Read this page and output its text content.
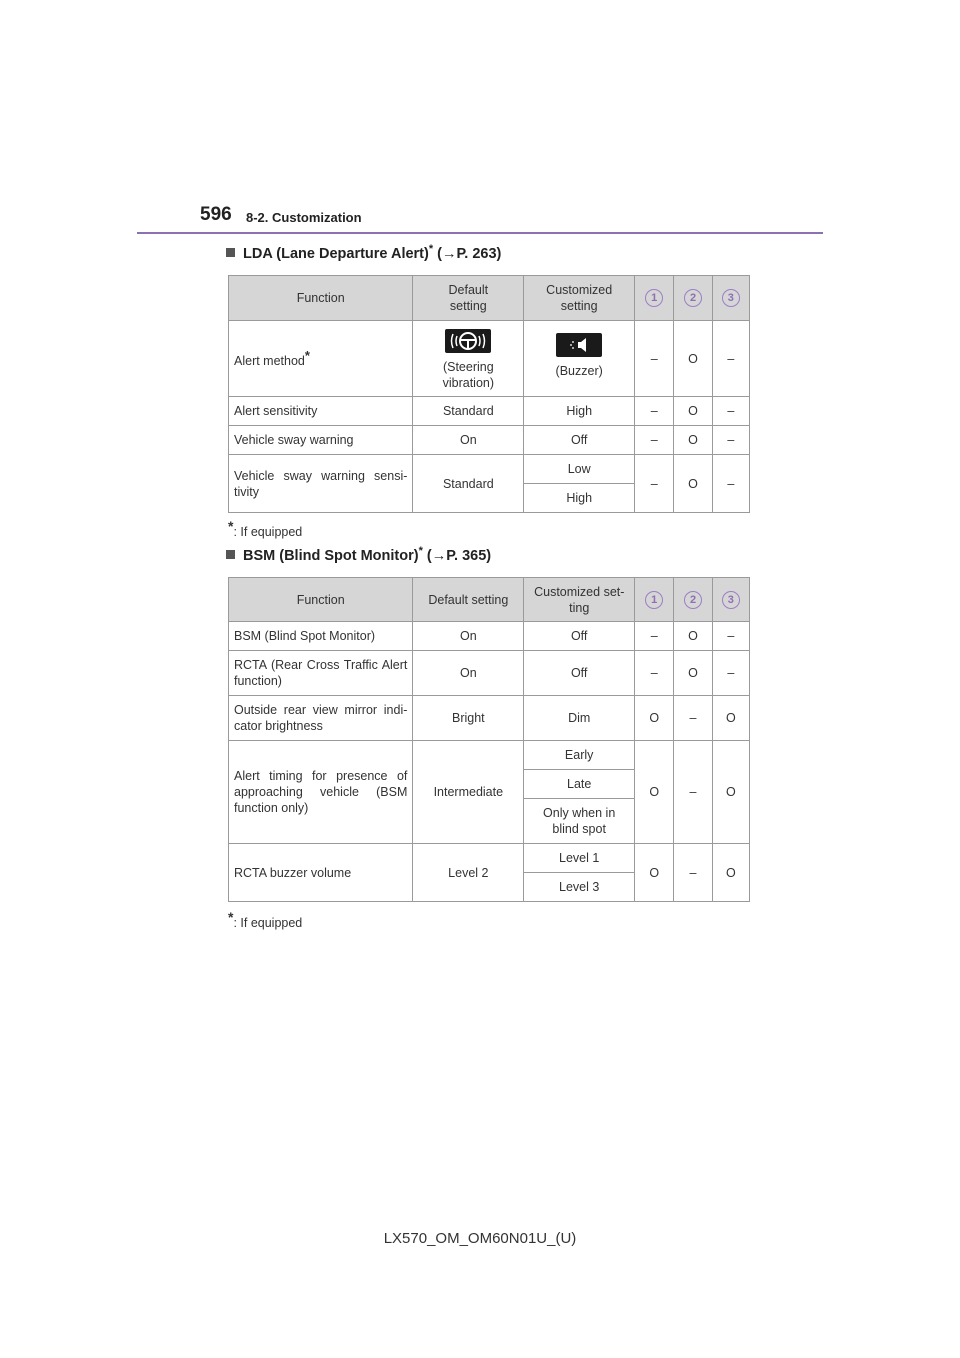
596 8-2. Customization
LDA (Lane Departure Alert)* (→P. 263)
Function	Default setting	Customized setting	1	2	3
Alert method*	(Steering vibration)	(Buzzer)	–	O	–
Alert sensitivity	Standard	High	–	O	–
Vehicle sway warning	On	Off	–	O	–
Vehicle sway warning sensi- tivity	Standard	Low	–	O	–
		High			
*: If equipped
BSM (Blind Spot Monitor)* (→P. 365)
Function	Default setting	Customized set- ting	1	2	3
BSM (Blind Spot Monitor)	On	Off	–	O	–
RCTA (Rear Cross Traffic Alert function)	On	Off	–	O	–
Outside rear view mirror indi- cator brightness	Bright	Dim	O	–	O
Alert timing for presence of approaching vehicle (BSM function only)	Intermediate	Early	O	–	O
		Late			
		Only when in blind spot			
RCTA buzzer volume	Level 2	Level 1	O	–	O
		Level 3			
*: If equipped
LX570_OM_OM60N01U_(U)
